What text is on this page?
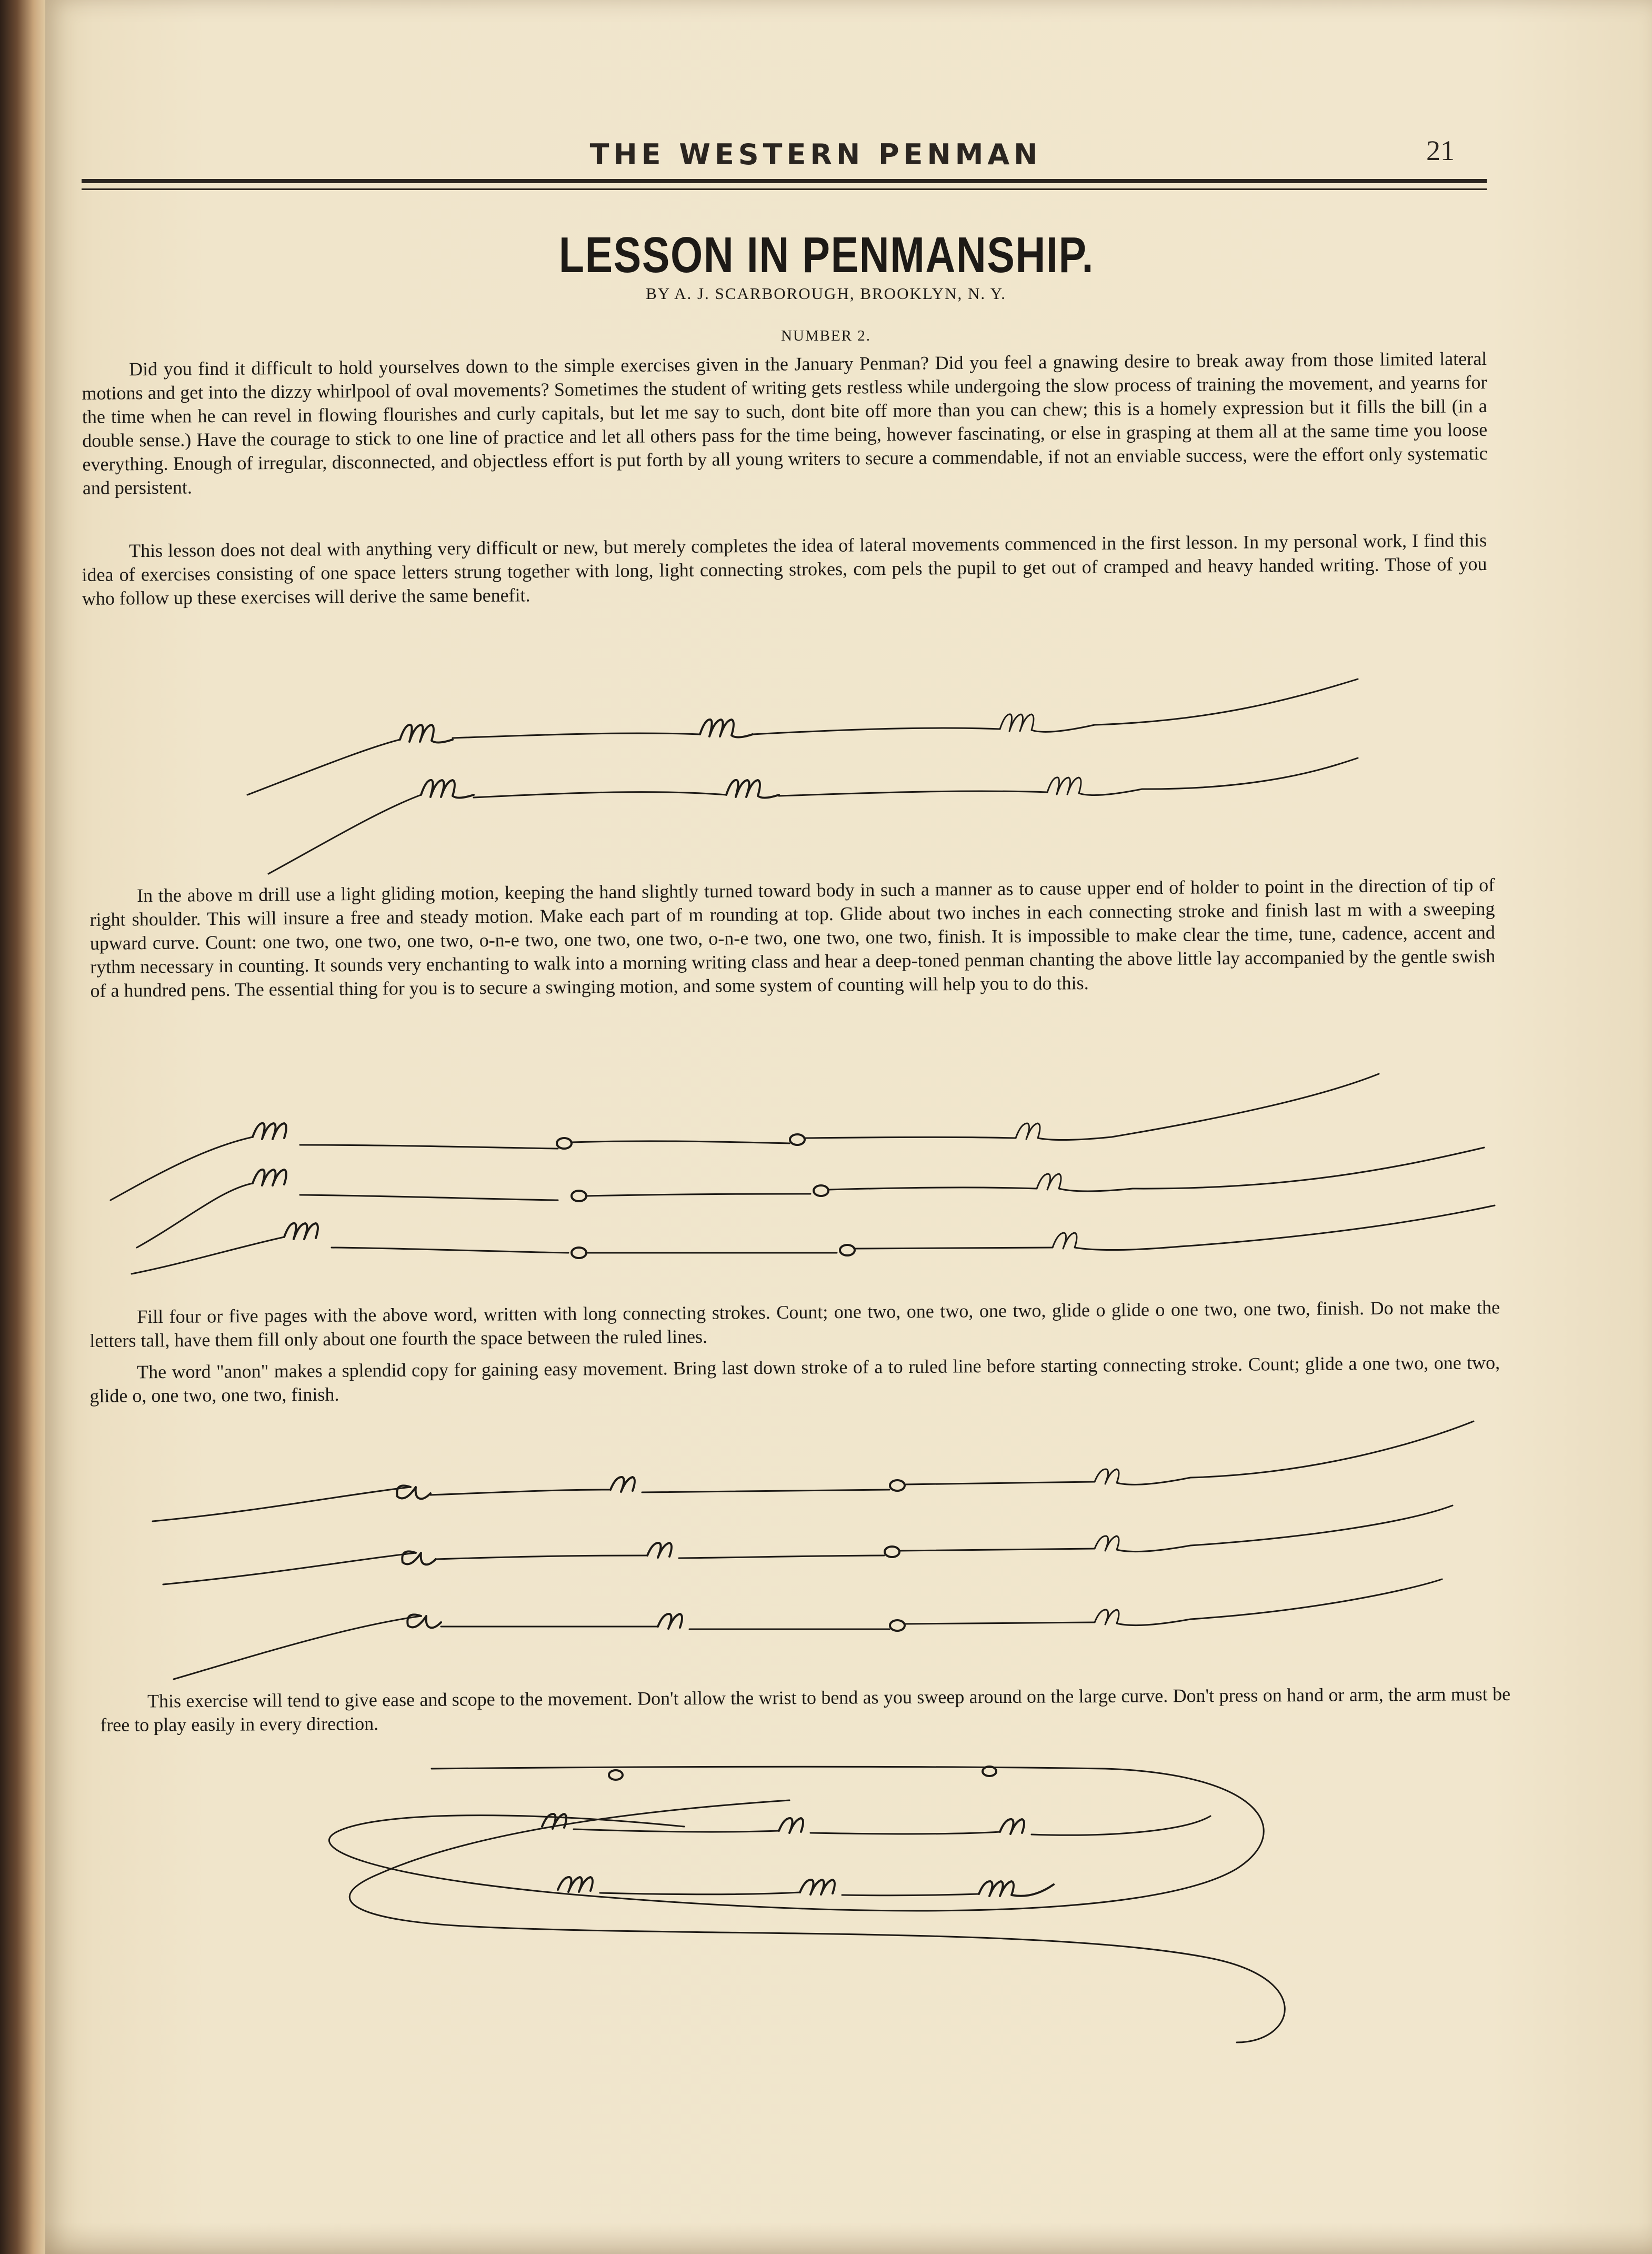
THE WESTERN PENMAN	21
LESSON IN PENMANSHIP.
BY A. J. SCARBOROUGH, BROOKLYN, N. Y.
NUMBER 2.
Did you find it difficult to hold yourselves down to the simple exercises given in the January Penman? Did you feel a gnawing desire to break away from those limited lateral motions and get into the dizzy whirlpool of oval movements? Sometimes the student of writing gets restless while undergoing the slow process of training the movement, and yearns for the time when he can revel in flowing flourishes and curly capitals, but let me say to such, dont bite off more than you can chew; this is a homely expression but it fills the bill (in a double sense.) Have the courage to stick to one line of practice and let all others pass for the time being, however fascinating, or else in grasping at them all at the same time you loose everything. Enough of irregular, disconnected, and objectless effort is put forth by all young writers to secure a commendable, if not an enviable success, were the effort only systematic and persistent.
This lesson does not deal with anything very difficult or new, but merely completes the idea of lateral movements commenced in the first lesson. In my personal work, I find this idea of exercises consisting of one space letters strung together with long, light connecting strokes, com pels the pupil to get out of cramped and heavy handed writing. Those of you who follow up these exercises will derive the same benefit.
In the above m drill use a light gliding motion, keeping the hand slightly turned toward body in such a manner as to cause upper end of holder to point in the direction of tip of right shoulder. This will insure a free and steady motion. Make each part of m rounding at top. Glide about two inches in each connecting stroke and finish last m with a sweeping upward curve. Count: one two, one two, one two, o-n-e two, one two, one two, o-n-e two, one two, one two, finish. It is impossible to make clear the time, tune, cadence, accent and rythm necessary in counting. It sounds very enchanting to walk into a morning writing class and hear a deep-toned penman chanting the above little lay accompanied by the gentle swish of a hundred pens. The essential thing for you is to secure a swinging motion, and some system of counting will help you to do this.
Fill four or five pages with the above word, written with long connecting strokes. Count; one two, one two, one two, glide o glide o one two, one two, finish. Do not make the letters tall, have them fill only about one fourth the space between the ruled lines.
The word "anon" makes a splendid copy for gaining easy movement. Bring last down stroke of a to ruled line before starting connecting stroke. Count; glide a one two, one two, glide o, one two, one two, finish.
This exercise will tend to give ease and scope to the movement. Don't allow the wrist to bend as you sweep around on the large curve. Don't press on hand or arm, the arm must be free to play easily in every direction.
